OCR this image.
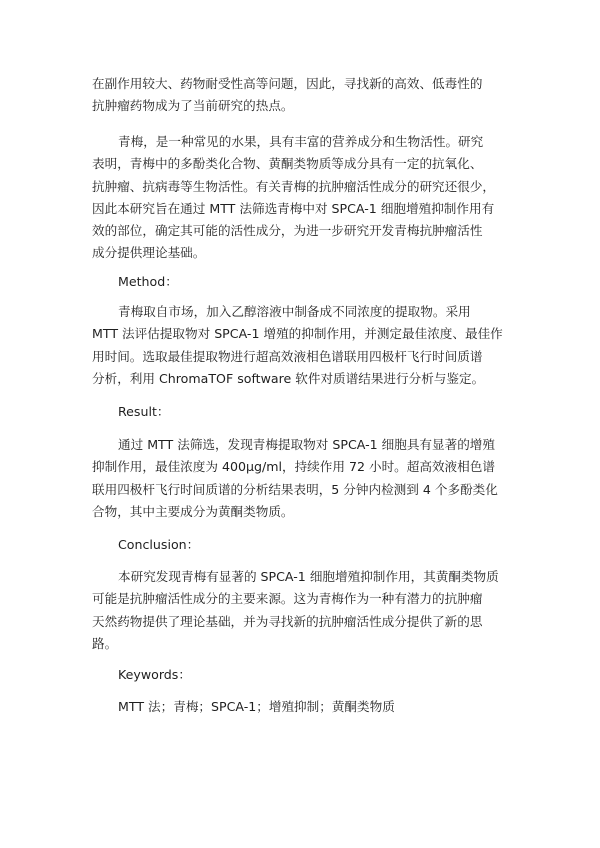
在副作用较大、药物耐受性高等问题，因此，寻找新的高效、低毒性的
抗肿瘤药物成为了当前研究的热点。

青梅，是一种常见的水果，具有丰富的营养成分和生物活性。研究
表明，青梅中的多酚类化合物、黄酮类物质等成分具有一定的抗氧化、
抗肿瘤、抗病毒等生物活性。有关青梅的抗肿瘤活性成分的研究还很少，
因此本研究旨在通过 MTT 法筛选青梅中对 SPCA-1 细胞增殖抑制作用有
效的部位，确定其可能的活性成分，为进一步研究开发青梅抗肿瘤活性
成分提供理论基础。

Method：

青梅取自市场，加入乙醇溶液中制备成不同浓度的提取物。采用
MTT 法评估提取物对 SPCA-1 增殖的抑制作用，并测定最佳浓度、最佳作
用时间。选取最佳提取物进行超高效液相色谱联用四极杆飞行时间质谱
分析，利用 ChromaTOF software 软件对质谱结果进行分析与鉴定。

Result：

通过 MTT 法筛选，发现青梅提取物对 SPCA-1 细胞具有显著的增殖
抑制作用，最佳浓度为 400μg/ml，持续作用 72 小时。超高效液相色谱
联用四极杆飞行时间质谱的分析结果表明，5 分钟内检测到 4 个多酚类化
合物，其中主要成分为黄酮类物质。

Conclusion：

本研究发现青梅有显著的 SPCA-1 细胞增殖抑制作用，其黄酮类物质
可能是抗肿瘤活性成分的主要来源。这为青梅作为一种有潜力的抗肿瘤
天然药物提供了理论基础，并为寻找新的抗肿瘤活性成分提供了新的思
路。

Keywords：

MTT 法；青梅；SPCA-1；增殖抑制；黄酮类物质
